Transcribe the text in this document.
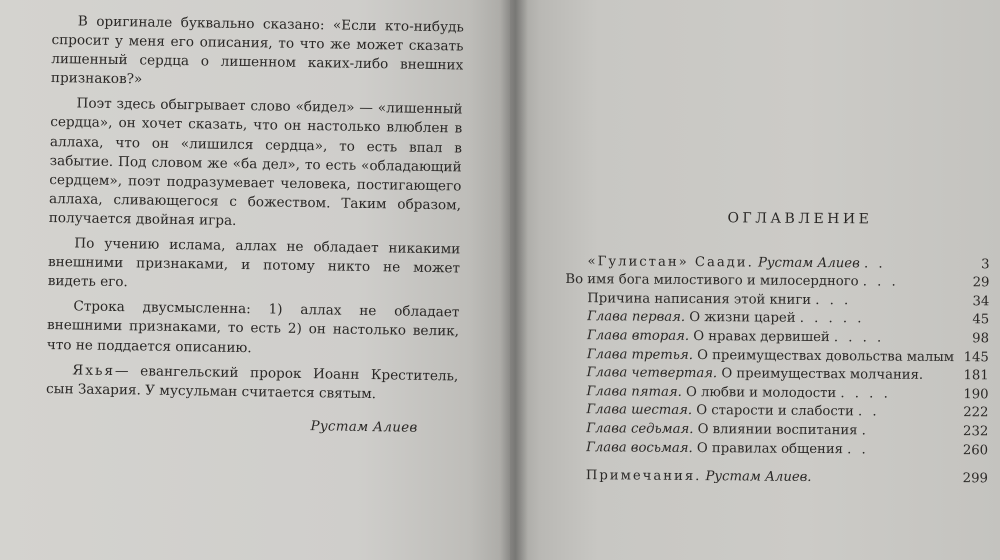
В оригинале буквально сказано: «Если кто-нибудь спросит у меня его описания, то что же может сказать лишенный сердца о лишенном каких-либо внешних признаков?»

Поэт здесь обыгрывает слово «бидел» — «лишенный сердца», он хочет сказать, что он настолько влюблен в аллаха, что он «лишился сердца», то есть впал в забытие. Под словом же «ба дел», то есть «обладающий сердцем», поэт подразумевает человека, постигающего аллаха, сливающегося с божеством. Таким образом, получается двойная игра.

По учению ислама, аллах не обладает никакими внешними признаками, и потому никто не может видеть его.

Строка двусмысленна: 1) аллах не обладает внешними признаками, то есть 2) он настолько велик, что не поддается описанию.

Яхья— евангельский пророк Иоанн Креститель, сын Захария. У мусульман считается святым.

Рустам Алиев
ОГЛАВЛЕНИЕ
«Гулистан» Саади. Рустам Алиев . .	3
Во имя бога милостивого и милосердного . . .	29
Причина написания этой книги . . .	34
Глава первая. О жизни царей . . . . .	45
Глава вторая. О нравах дервишей . . . .	98
Глава третья. О преимуществах довольства малым 145
Глава четвертая. О преимуществах молчания.	181
Глава пятая. О любви и молодости . . . .	190
Глава шестая. О старости и слабости . .	222
Глава седьмая. О влиянии воспитания .	232
Глава восьмая. О правилах общения . .	260
Примечания. Рустам Алиев.	299
